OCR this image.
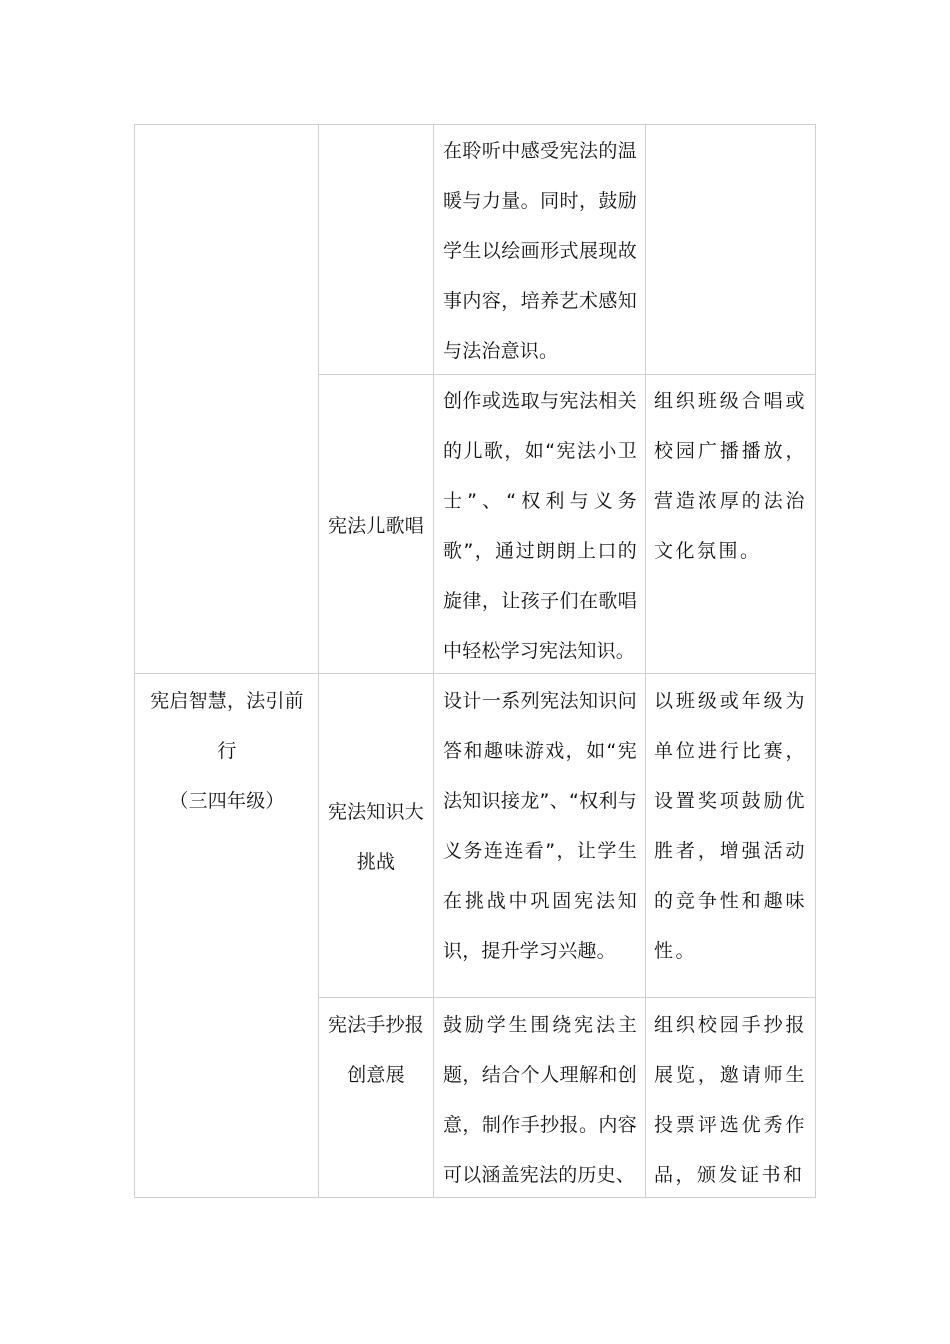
在聆听中感受宪法的温暖与力量。同时，鼓励学生以绘画形式展现故事内容，培养艺术感知与法治意识。

宪法儿歌唱

创作或选取与宪法相关的儿歌，如“宪法小卫士”、“权利与义务歌”，通过朗朗上口的旋律，让孩子们在歌唱中轻松学习宪法知识。

组织班级合唱或校园广播播放，营造浓厚的法治文化氛围。

宪启智慧，法引前
行
（三四年级）	宪法知识大挑战

设计一系列宪法知识问答和趣味游戏，如“宪法知识接龙”、“权利与义务连连看”，让学生在挑战中巩固宪法知识，提升学习兴趣。

以班级或年级为单位进行比赛，设置奖项鼓励优胜者，增强活动的竞争性和趣味性。

宪法手抄报创意展

鼓励学生围绕宪法主题，结合个人理解和创意，制作手抄报。内容可以涵盖宪法的历史、

组织校园手抄报展览，邀请师生投票评选优秀作品，颁发证书和
